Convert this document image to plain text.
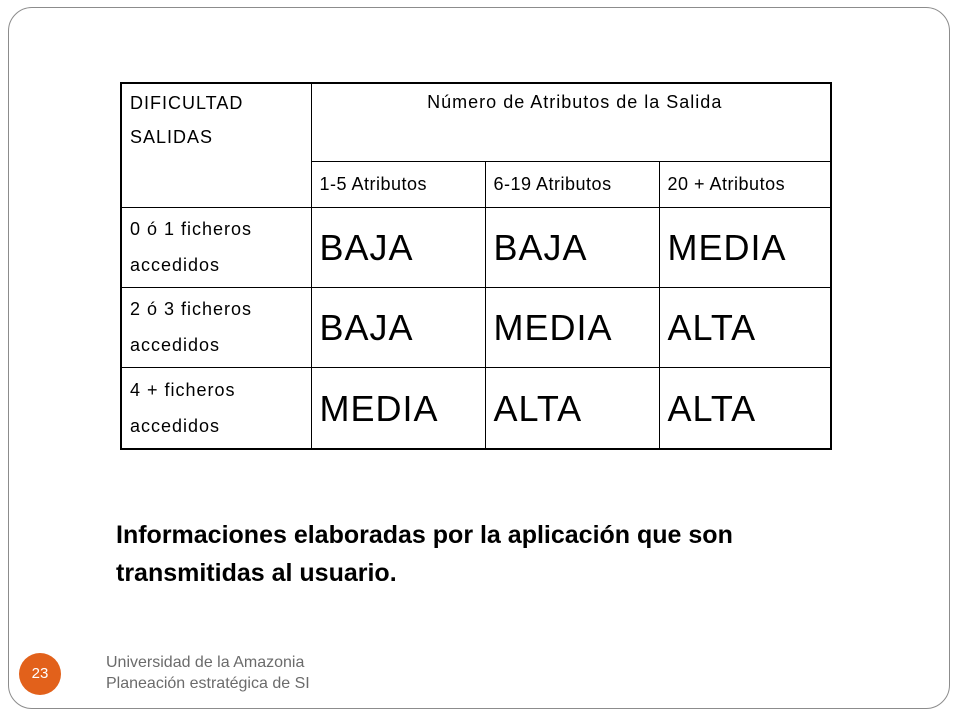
DIFICULTAD
SALIDAS	Número de Atributos de la Salida		
	1-5 Atributos	6-19 Atributos	20 + Atributos

0 ó 1 ficheros
accedidos	BAJA	BAJA	MEDIA

2 ó 3 ficheros
accedidos	BAJA	MEDIA	ALTA

4 + ficheros
accedidos	MEDIA	ALTA	ALTA
Informaciones elaboradas por la aplicación que son transmitidas al usuario.
Universidad de la Amazonia
Planeación estratégica de SI
23
